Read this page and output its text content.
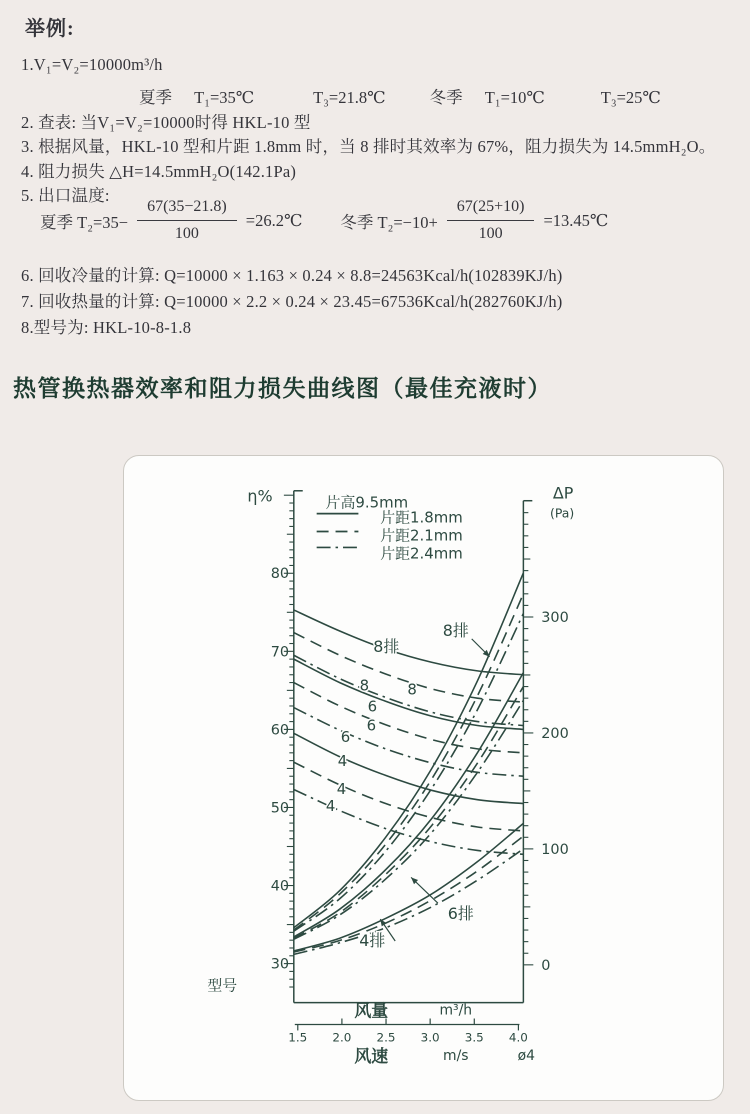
举例:
1.V₁=V₂=10000m³/h
夏季 T₁=35℃	T₃=21.8℃	冬季 T₁=10℃	T₃=25℃
2. 查表: 当V₁=V₂=10000时得 HKL-10 型
3. 根据风量，HKL-10 型和片距 1.8mm 时，当 8 排时其效率为 67%，阻力损失为 14.5mmH₂O。
4. 阻力损失 △H=14.5mmH₂O(142.1Pa)
5. 出口温度:
夏季 $T_2=35- \frac{67(35-21.8)}{100}$ =26.2℃ 冬季 $T_2=-10+ \frac{67(25+10)}{100}$ =13.45℃
6. 回收冷量的计算: Q=10000 × 1.163 × 0.24 × 8.8=24563Kcal/h(102839KJ/h)
7. 回收热量的计算: Q=10000 × 2.2 × 0.24 × 23.45=67536Kcal/h(282760KJ/h)
8.型号为: HKL-10-8-1.8
热管换热器效率和阻力损失曲线图（最佳充液时）
30
40
50
60
70
80
0
100
200
300
η%	ΔP
(Pa)
片高9.5mm
片距1.8mm
片距2.1mm
片距2.4mm
8排
8	8
6
6
6
4
4
4
8排
6排
4排
型号
风量	m³/h
1.5 2.0 2.5 3.0 3.5 4.0
风速	m/s	ø4
